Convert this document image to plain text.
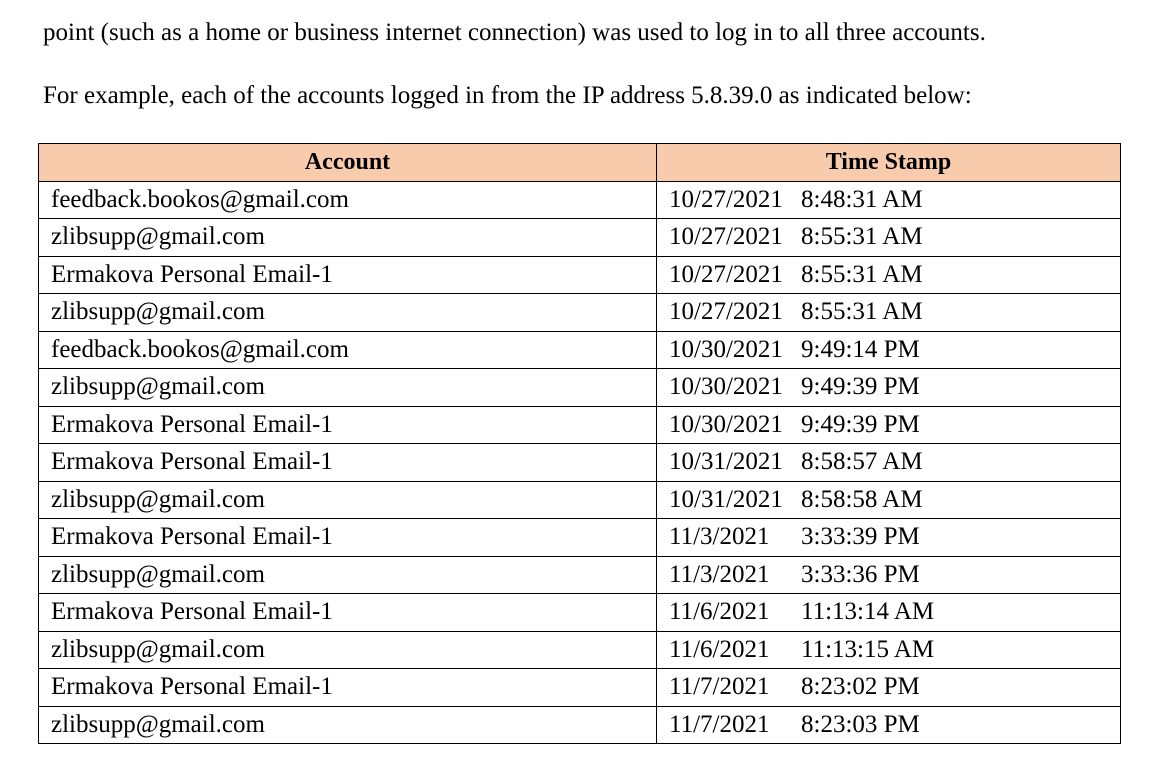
point (such as a home or business internet connection) was used to log in to all three accounts.

For example, each of the accounts logged in from the IP address 5.8.39.0 as indicated below:

Account	Time Stamp
feedback.bookos@gmail.com	10/27/2021 8:48:31 AM
zlibsupp@gmail.com	10/27/2021 8:55:31 AM
Ermakova Personal Email-1	10/27/2021 8:55:31 AM
zlibsupp@gmail.com	10/27/2021 8:55:31 AM
feedback.bookos@gmail.com	10/30/2021 9:49:14 PM
zlibsupp@gmail.com	10/30/2021 9:49:39 PM
Ermakova Personal Email-1	10/30/2021 9:49:39 PM
Ermakova Personal Email-1	10/31/2021 8:58:57 AM
zlibsupp@gmail.com	10/31/2021 8:58:58 AM
Ermakova Personal Email-1	11/3/2021 3:33:39 PM
zlibsupp@gmail.com	11/3/2021 3:33:36 PM
Ermakova Personal Email-1	11/6/2021 11:13:14 AM
zlibsupp@gmail.com	11/6/2021 11:13:15 AM
Ermakova Personal Email-1	11/7/2021 8:23:02 PM
zlibsupp@gmail.com	11/7/2021 8:23:03 PM
